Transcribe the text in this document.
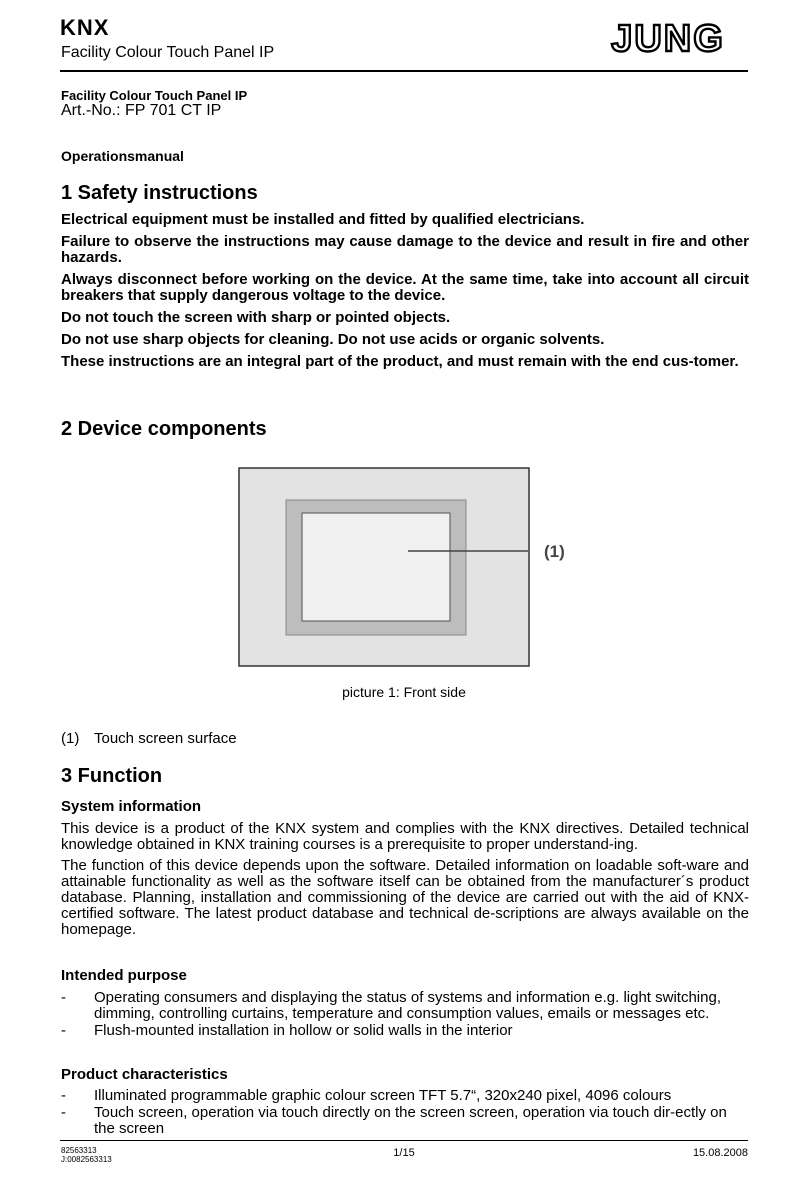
KNX
Facility Colour Touch Panel IP	JUNG
Facility Colour Touch Panel IP
Art.-No.: FP 701 CT IP
Operationsmanual
1 Safety instructions

Electrical equipment must be installed and fitted by qualified electricians.

Failure to observe the instructions may cause damage to the device and result in fire and other hazards.

Always disconnect before working on the device. At the same time, take into account all circuit breakers that supply dangerous voltage to the device.

Do not touch the screen with sharp or pointed objects.

Do not use sharp objects for cleaning. Do not use acids or organic solvents.

These instructions are an integral part of the product, and must remain with the end cus-tomer.

2 Device components
(1)
picture 1: Front side
(1) Touch screen surface
3 Function
System information

This device is a product of the KNX system and complies with the KNX directives. Detailed technical knowledge obtained in KNX training courses is a prerequisite to proper understand-ing.

The function of this device depends upon the software. Detailed information on loadable soft-ware and attainable functionality as well as the software itself can be obtained from the manufacturer´s product database. Planning, installation and commissioning of the device are carried out with the aid of KNX-certified software. The latest product database and technical de-scriptions are always available on the homepage.

Intended purpose
- Operating consumers and displaying the status of systems and information e.g. light switching, dimming, controlling curtains, temperature and consumption values, emails or messages etc.
- Flush-mounted installation in hollow or solid walls in the interior
Product characteristics
- Illuminated programmable graphic colour screen TFT 5.7“, 320x240 pixel, 4096 colours
- Touch screen, operation via touch directly on the screen screen, operation via touch dir-ectly on the screen
82563313
J:0082563313
1/15	15.08.2008
